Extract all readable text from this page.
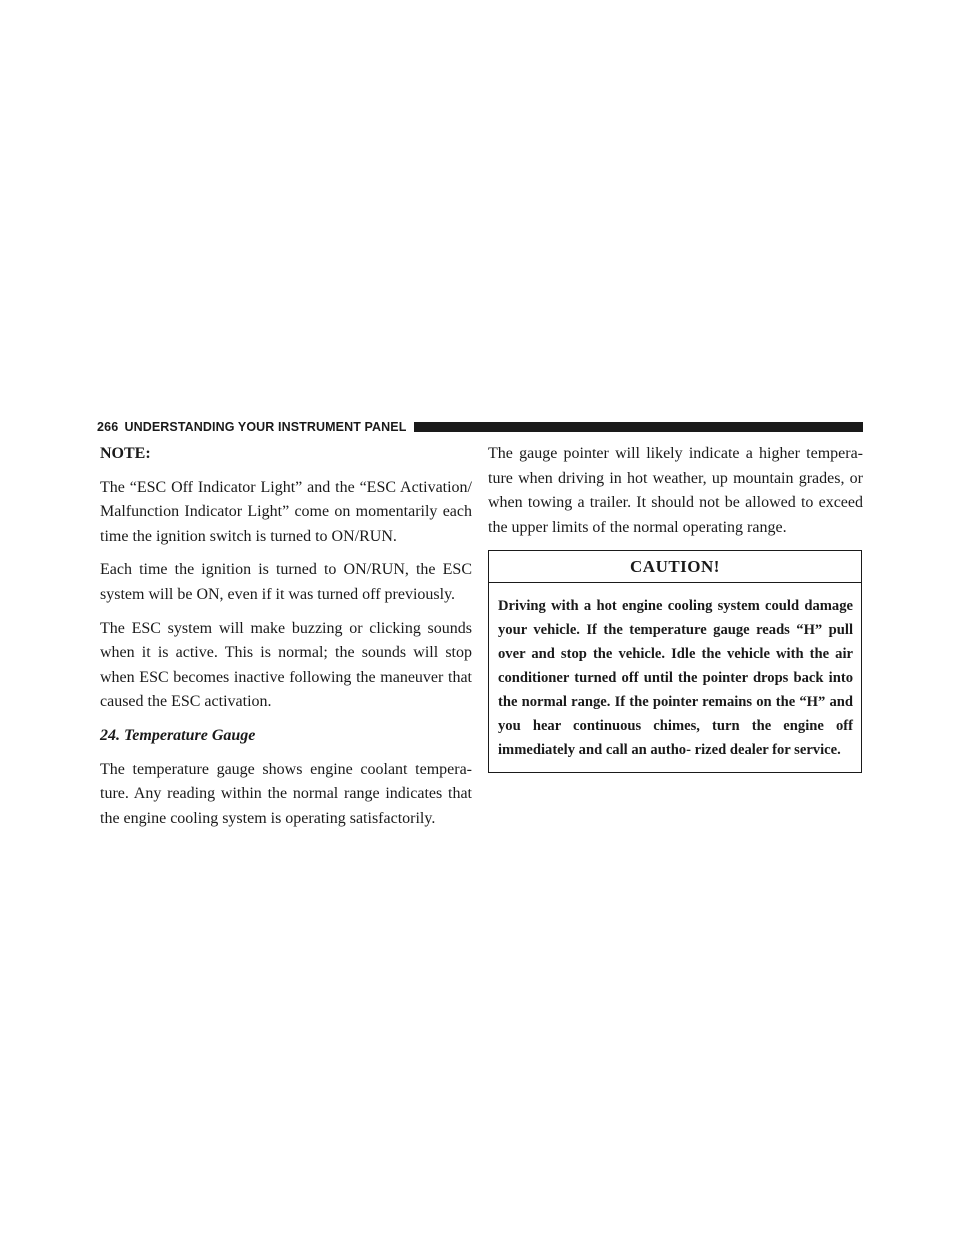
266 UNDERSTANDING YOUR INSTRUMENT PANEL
NOTE:

The “ESC Off Indicator Light” and the “ESC Activation/ Malfunction Indicator Light” come on momentarily each time the ignition switch is turned to ON/RUN.

Each time the ignition is turned to ON/RUN, the ESC system will be ON, even if it was turned off previously.

The ESC system will make buzzing or clicking sounds when it is active. This is normal; the sounds will stop when ESC becomes inactive following the maneuver that caused the ESC activation.

24. Temperature Gauge

The temperature gauge shows engine coolant tempera- ture. Any reading within the normal range indicates that the engine cooling system is operating satisfactorily.

The gauge pointer will likely indicate a higher tempera- ture when driving in hot weather, up mountain grades, or when towing a trailer. It should not be allowed to exceed the upper limits of the normal operating range.

CAUTION!
Driving with a hot engine cooling system could damage your vehicle. If the temperature gauge reads “H” pull over and stop the vehicle. Idle the vehicle with the air conditioner turned off until the pointer drops back into the normal range. If the pointer remains on the “H” and you hear continuous chimes, turn the engine off immediately and call an autho- rized dealer for service.
